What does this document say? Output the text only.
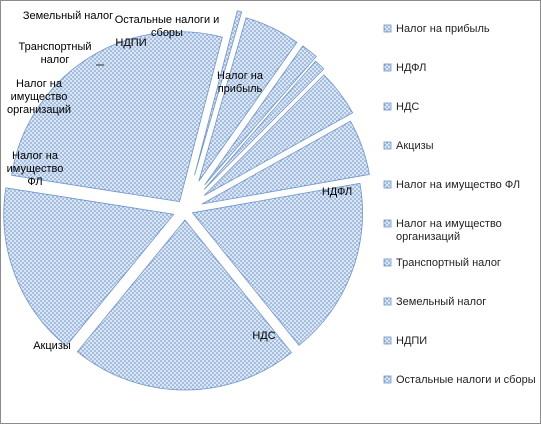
Налог на прибыль
НДФЛ
НДС
Акцизы
Налог на имущество ФЛ
Налог на имущество организаций
Транспортный налог
Земельный налог
НДПИ
Остальные налоги и сборы	Налог на прибыль
НДФЛ
НДС
Акцизы
Налог на имущество ФЛ
Налог на имущество организаций
Транспортный налог
Земельный налог
НДПИ
Остальные налоги и сборы
